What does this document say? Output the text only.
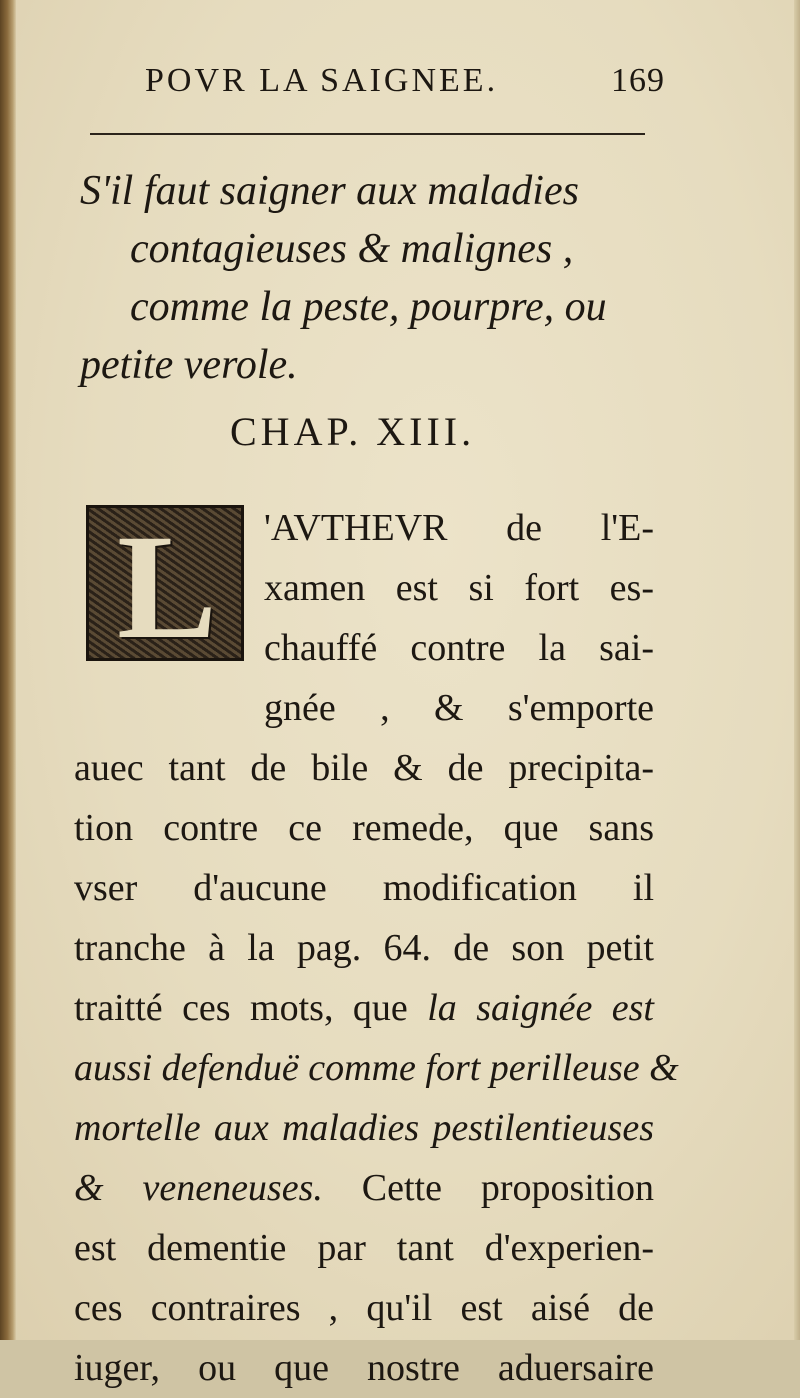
POVR LA SAIGNEE.	169
S'il faut saigner aux maladies
contagieuses & malignes ,
comme la peste, pourpre, ou
petite verole.
CHAP. XIII.
L	'AVTHEVR de l'E-
xamen est si fort es-
chauffé contre la sai-
gnée , & s'emporte
auec tant de bile & de precipita-
tion contre ce remede, que sans
vser d'aucune modification il
tranche à la pag. 64. de son petit
traitté ces mots, que la saignée est
aussi defenduë comme fort perilleuse &
mortelle aux maladies pestilentieuses
& veneneuses. Cette proposition
est dementie par tant d'experien-
ces contraires , qu'il est aisé de
iuger, ou que nostre aduersaire
